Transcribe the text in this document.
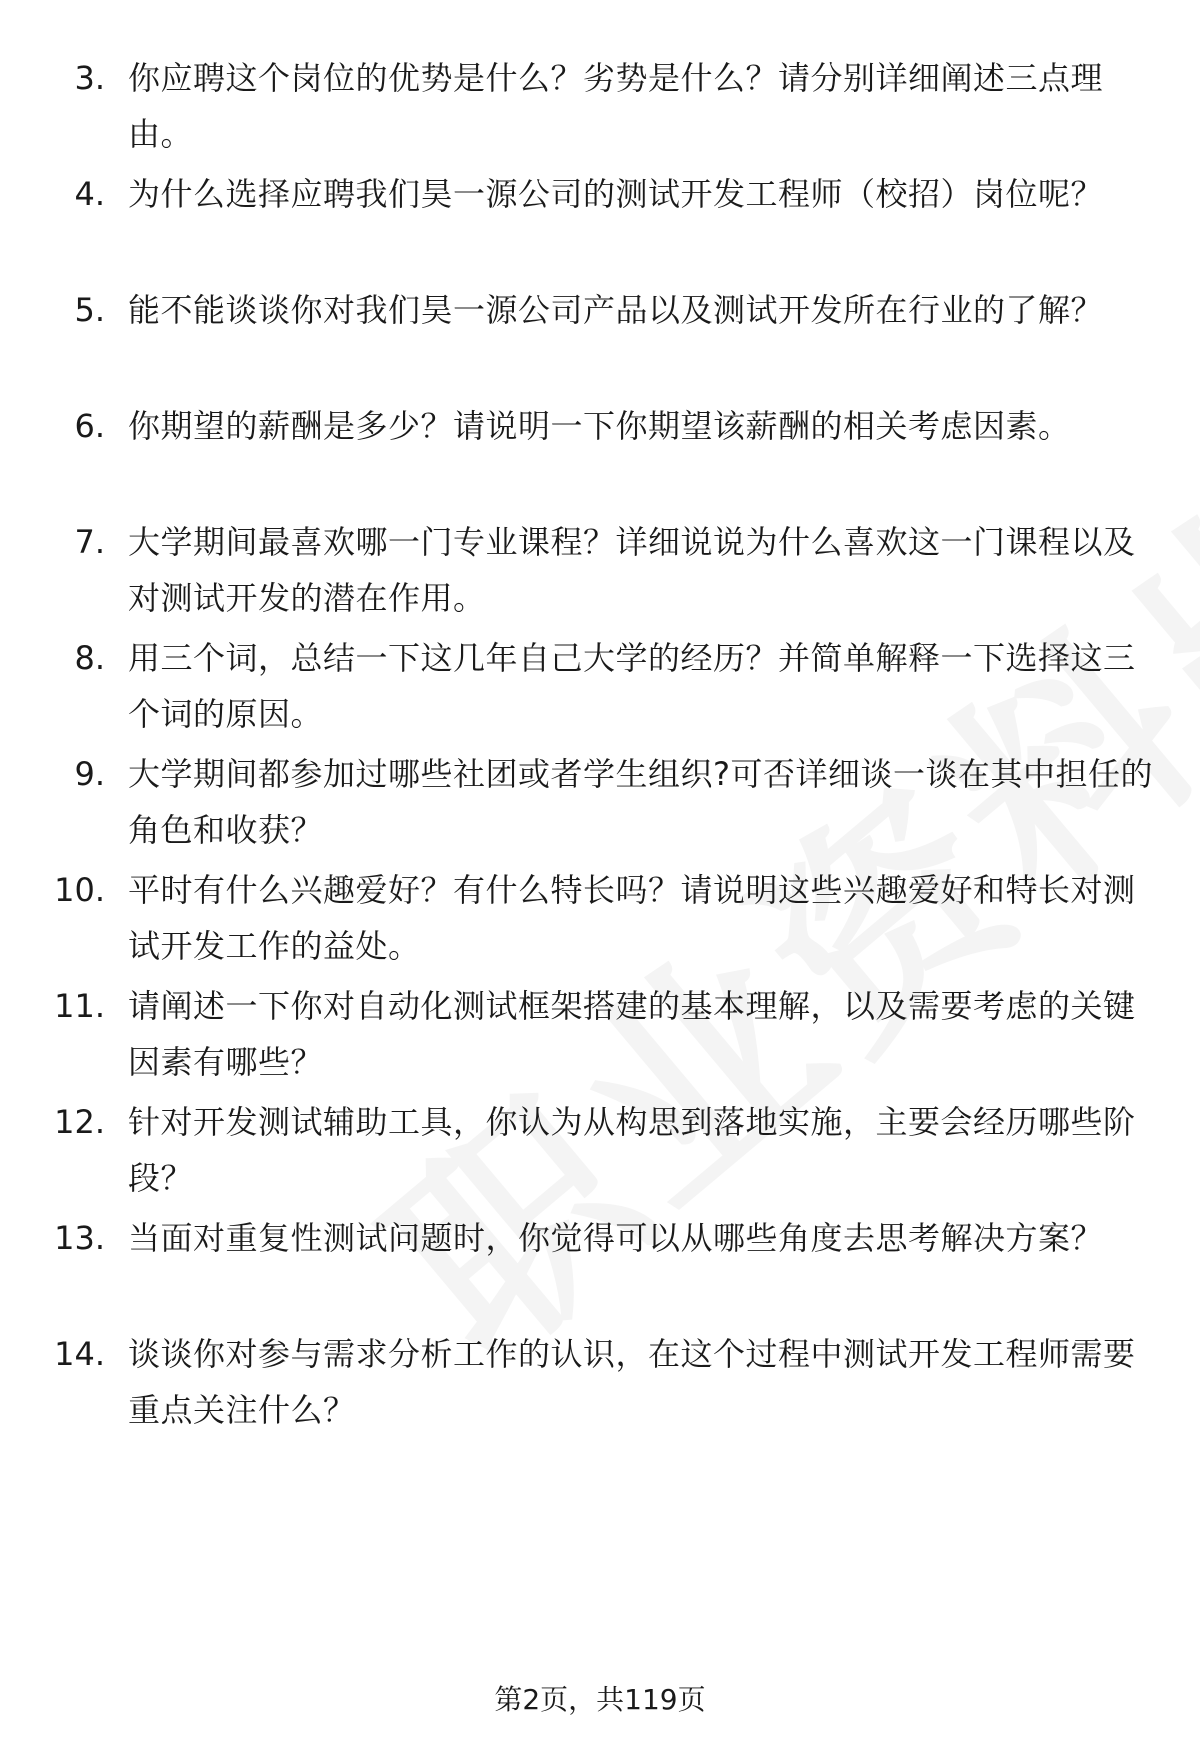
3. 你应聘这个岗位的优势是什么？劣势是什么？请分别详细阐述三点理由。
4. 为什么选择应聘我们昊一源公司的测试开发工程师（校招）岗位呢？
5. 能不能谈谈你对我们昊一源公司产品以及测试开发所在行业的了解？
6. 你期望的薪酬是多少？请说明一下你期望该薪酬的相关考虑因素。
7. 大学期间最喜欢哪一门专业课程？详细说说为什么喜欢这一门课程以及对测试开发的潜在作用。
8. 用三个词，总结一下这几年自己大学的经历？并简单解释一下选择这三个词的原因。
9. 大学期间都参加过哪些社团或者学生组织?可否详细谈一谈在其中担任的角色和收获？
10. 平时有什么兴趣爱好？有什么特长吗？请说明这些兴趣爱好和特长对测试开发工作的益处。
11. 请阐述一下你对自动化测试框架搭建的基本理解，以及需要考虑的关键因素有哪些？
12. 针对开发测试辅助工具，你认为从构思到落地实施，主要会经历哪些阶段？
13. 当面对重复性测试问题时，你觉得可以从哪些角度去思考解决方案？
14. 谈谈你对参与需求分析工作的认识，在这个过程中测试开发工程师需要重点关注什么？
第2页，共119页
